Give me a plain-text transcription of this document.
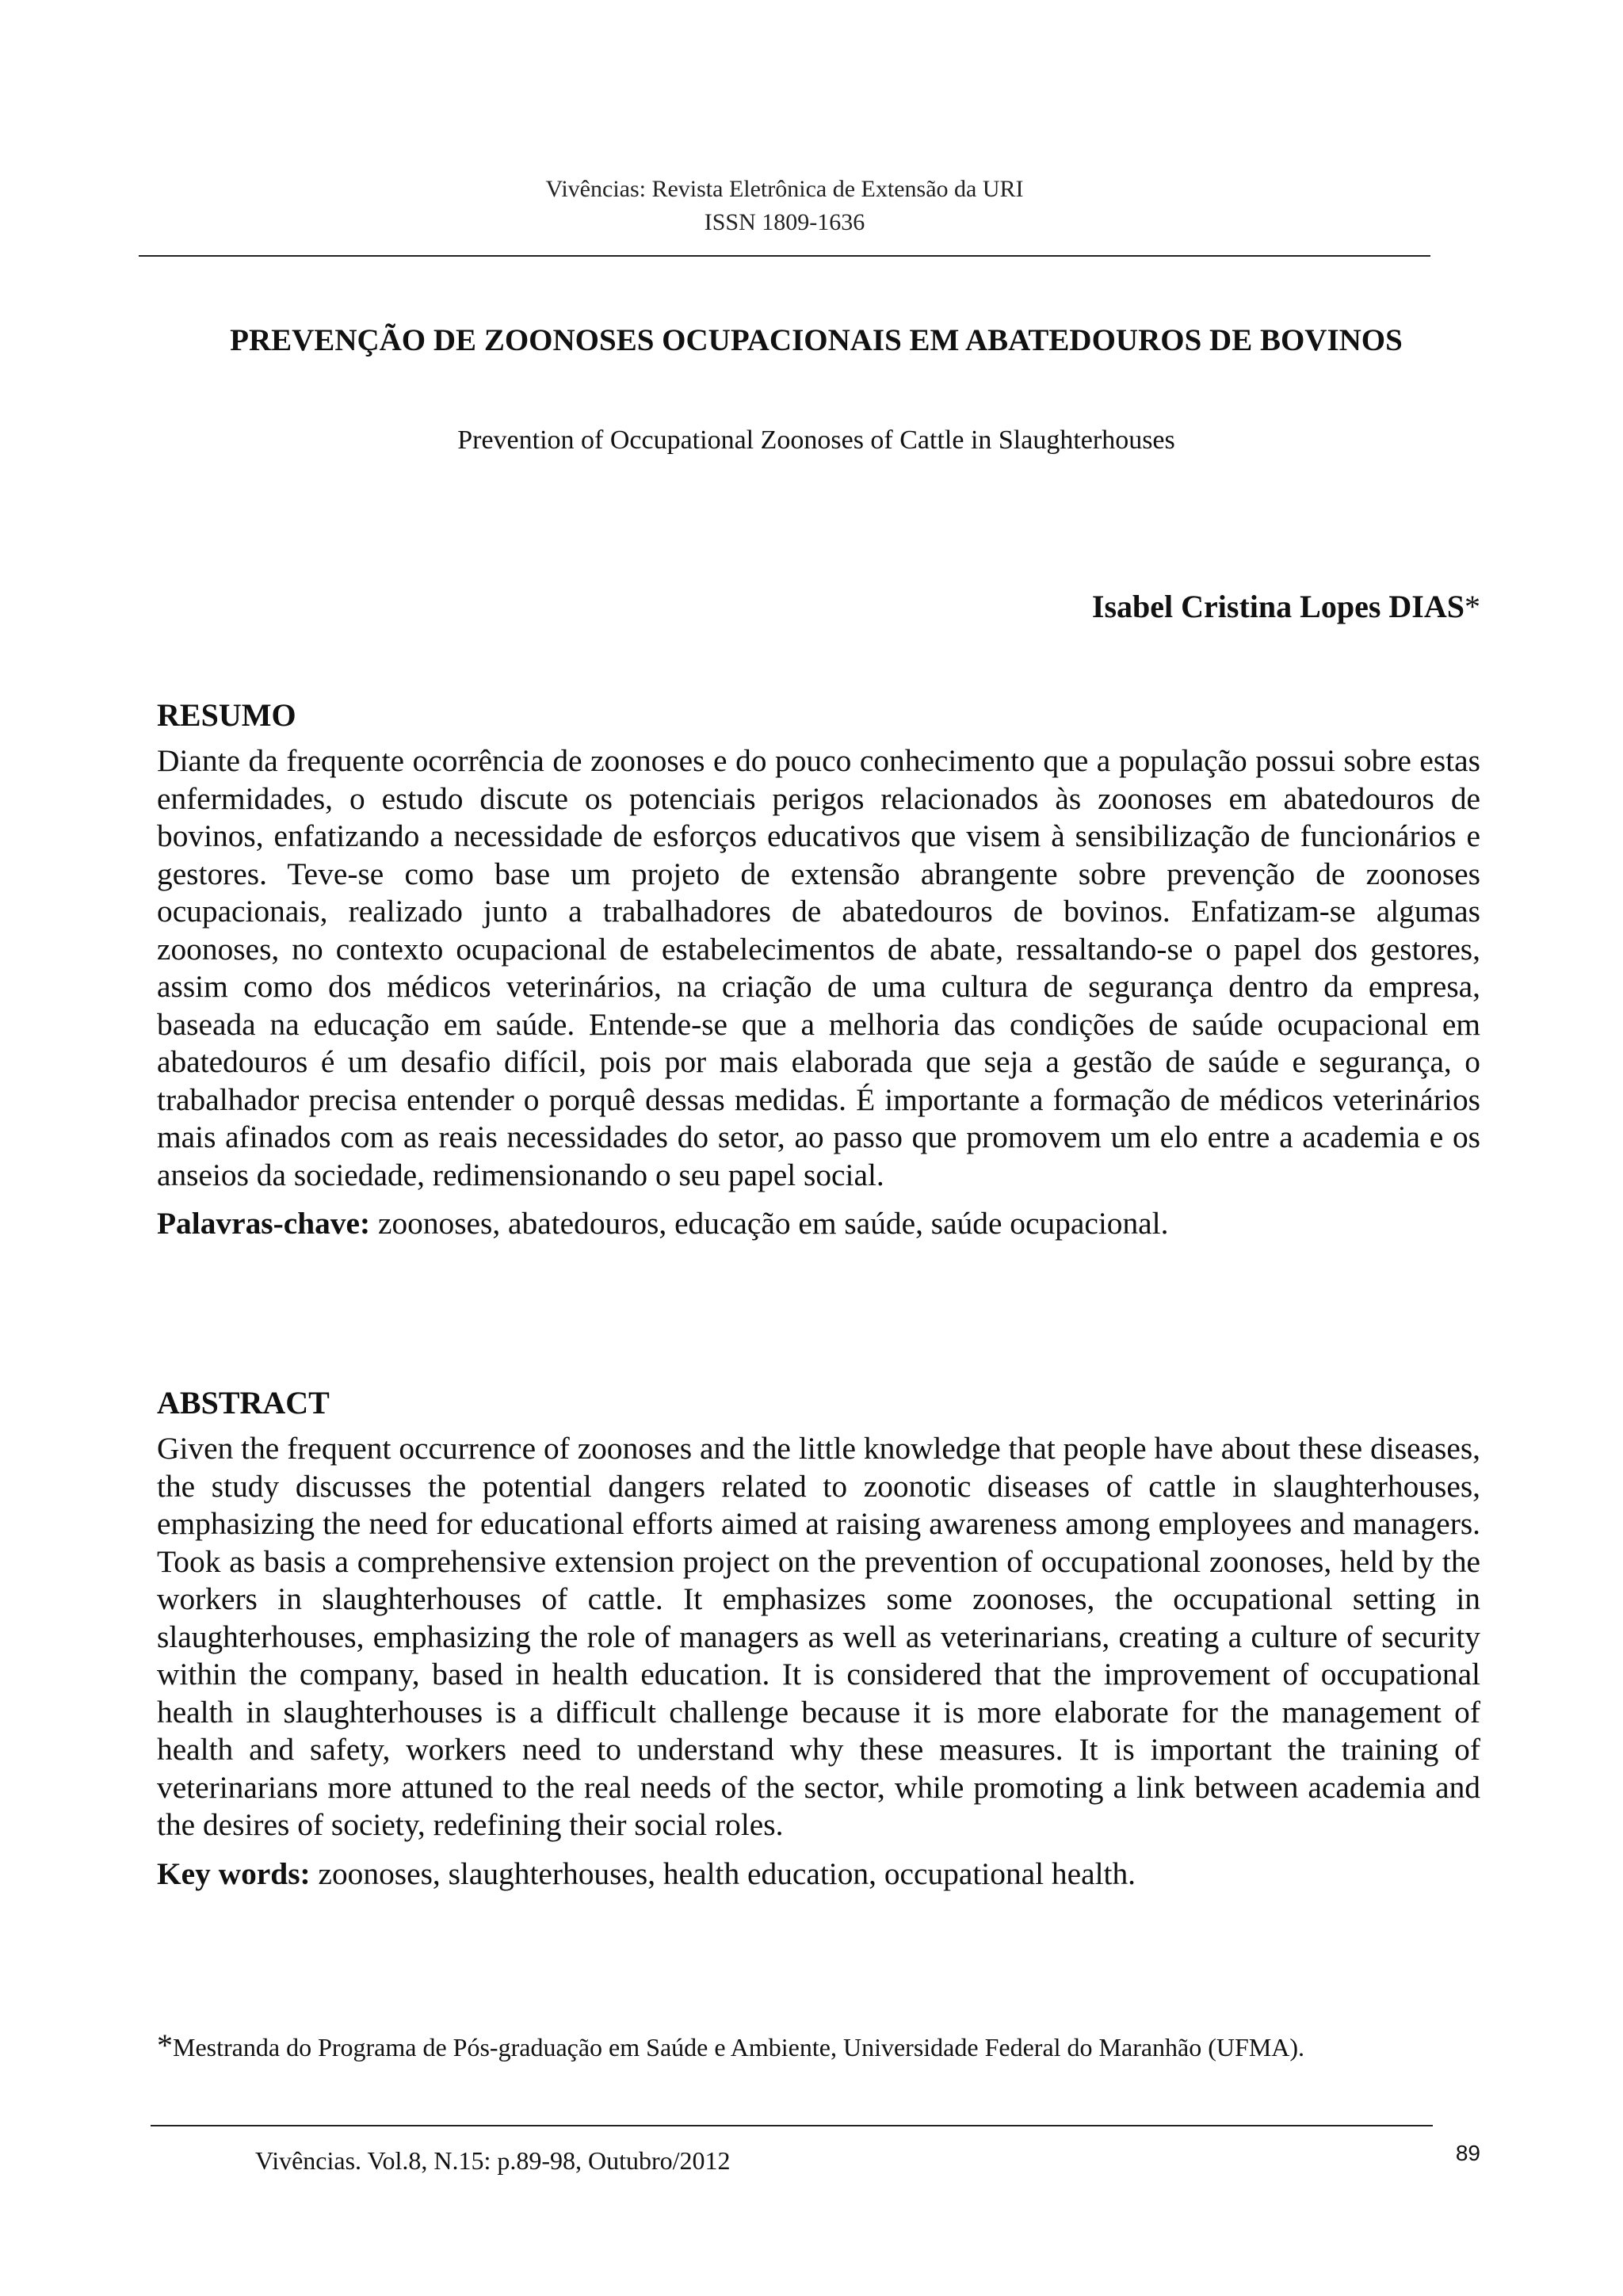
Vivências: Revista Eletrônica de Extensão da URI
ISSN 1809-1636
PREVENÇÃO DE ZOONOSES OCUPACIONAIS EM ABATEDOUROS DE BOVINOS
Prevention of Occupational Zoonoses of Cattle in Slaughterhouses
Isabel Cristina Lopes DIAS*
RESUMO

Diante da frequente ocorrência de zoonoses e do pouco conhecimento que a população possui sobre estas enfermidades, o estudo discute os potenciais perigos relacionados às zoonoses em abatedouros de bovinos, enfatizando a necessidade de esforços educativos que visem à sensibilização de funcionários e gestores. Teve-se como base um projeto de extensão abrangente sobre prevenção de zoonoses ocupacionais, realizado junto a trabalhadores de abatedouros de bovinos. Enfatizam-se algumas zoonoses, no contexto ocupacional de estabelecimentos de abate, ressaltando-se o papel dos gestores, assim como dos médicos veterinários, na criação de uma cultura de segurança dentro da empresa, baseada na educação em saúde. Entende-se que a melhoria das condições de saúde ocupacional em abatedouros é um desafio difícil, pois por mais elaborada que seja a gestão de saúde e segurança, o trabalhador precisa entender o porquê dessas medidas. É importante a formação de médicos veterinários mais afinados com as reais necessidades do setor, ao passo que promovem um elo entre a academia e os anseios da sociedade, redimensionando o seu papel social.

Palavras-chave: zoonoses, abatedouros, educação em saúde, saúde ocupacional.

ABSTRACT

Given the frequent occurrence of zoonoses and the little knowledge that people have about these diseases, the study discusses the potential dangers related to zoonotic diseases of cattle in slaughterhouses, emphasizing the need for educational efforts aimed at raising awareness among employees and managers. Took as basis a comprehensive extension project on the prevention of occupational zoonoses, held by the workers in slaughterhouses of cattle. It emphasizes some zoonoses, the occupational setting in slaughterhouses, emphasizing the role of managers as well as veterinarians, creating a culture of security within the company, based in health education. It is considered that the improvement of occupational health in slaughterhouses is a difficult challenge because it is more elaborate for the management of health and safety, workers need to understand why these measures. It is important the training of veterinarians more attuned to the real needs of the sector, while promoting a link between academia and the desires of society, redefining their social roles.

Key words: zoonoses, slaughterhouses, health education, occupational health.

*Mestranda do Programa de Pós-graduação em Saúde e Ambiente, Universidade Federal do Maranhão (UFMA).
Vivências. Vol.8, N.15: p.89-98, Outubro/2012	89
